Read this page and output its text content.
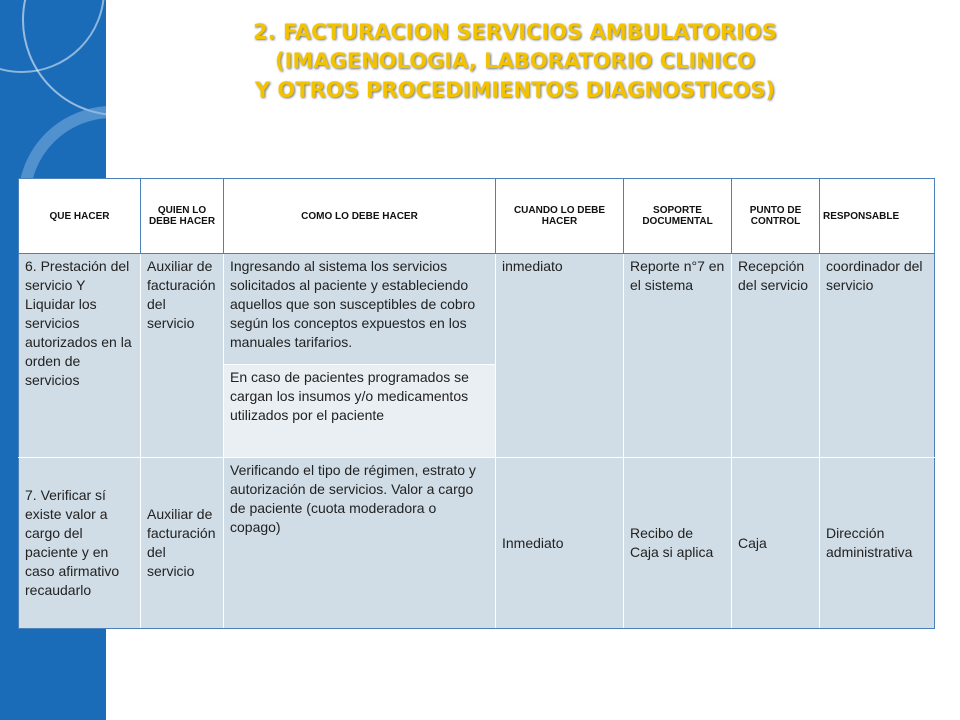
2. FACTURACION SERVICIOS AMBULATORIOS
(IMAGENOLOGIA, LABORATORIO CLINICO
Y OTROS PROCEDIMIENTOS DIAGNOSTICOS)
QUE HACER	QUIEN LO DEBE HACER	COMO LO DEBE HACER	CUANDO LO DEBE HACER	SOPORTE DOCUMENTAL	PUNTO DE CONTROL	RESPONSABLE
6. Prestación del servicio Y Liquidar los servicios autorizados en la orden de servicios	Auxiliar de facturación del servicio	Ingresando al sistema los servicios solicitados al paciente y estableciendo aquellos que son susceptibles de cobro según los conceptos expuestos en los manuales tarifarios.	inmediato	Reporte n°7 en el sistema	Recepción del servicio	coordinador del servicio
		En caso de pacientes programados se cargan los insumos y/o medicamentos utilizados por el paciente				
7. Verificar sí existe valor a cargo del paciente y en caso afirmativo recaudarlo	Auxiliar de facturación del servicio	Verificando el tipo de régimen, estrato y autorización de servicios. Valor a cargo de paciente (cuota moderadora o copago)	Inmediato	Recibo de Caja si aplica	Caja	Dirección administrativa
